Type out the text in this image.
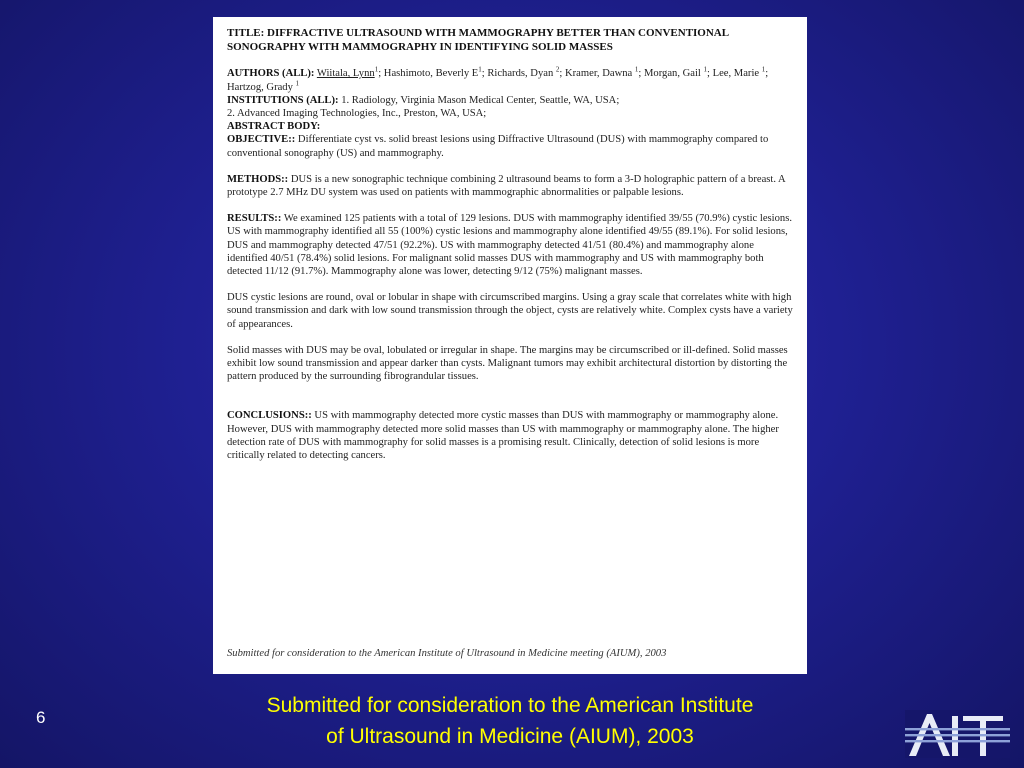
TITLE: DIFFRACTIVE ULTRASOUND WITH MAMMOGRAPHY BETTER THAN CONVENTIONAL SONOGRAPHY WITH MAMMOGRAPHY IN IDENTIFYING SOLID MASSES

AUTHORS (ALL): Wiitala, Lynn$^1$; Hashimoto, Beverly $E^1$; Richards, Dyan $^2$; Kramer, Dawna $^1$; Morgan, Gail $^1$; Lee, Marie $^1$; Hartzog, Grady $^1$

INSTITUTIONS (ALL): 1. Radiology, Virginia Mason Medical Center, Seattle, WA, USA;

2. Advanced Imaging Technologies, Inc., Preston, WA, USA;

ABSTRACT BODY:

OBJECTIVE:: Differentiate cyst vs. solid breast lesions using Diffractive Ultrasound (DUS) with mammography compared to conventional sonography (US) and mammography.

METHODS:: DUS is a new sonographic technique combining 2 ultrasound beams to form a 3-D holographic pattern of a breast. A prototype 2.7 MHz DU system was used on patients with mammographic abnormalities or palpable lesions.

RESULTS:: We examined 125 patients with a total of 129 lesions. DUS with mammography identified 39/55 (70.9%) cystic lesions. US with mammography identified all 55 (100%) cystic lesions and mammography alone identified 49/55 (89.1%). For solid lesions, DUS and mammography detected 47/51 (92.2%). US with mammography detected 41/51 (80.4%) and mammography alone identified 40/51 (78.4%) solid lesions. For malignant solid masses DUS with mammography and US with mammography both detected 11/12 (91.7%). Mammography alone was lower, detecting 9/12 (75%) malignant masses.

DUS cystic lesions are round, oval or lobular in shape with circumscribed margins. Using a gray scale that correlates white with high sound transmission and dark with low sound transmission through the object, cysts are relatively white. Complex cysts have a variety of appearances.

Solid masses with DUS may be oval, lobulated or irregular in shape. The margins may be circumscribed or ill-defined. Solid masses exhibit low sound transmission and appear darker than cysts. Malignant tumors may exhibit architectural distortion by distorting the pattern produced by the surrounding fibrograndular tissues.

CONCLUSIONS:: US with mammography detected more cystic masses than DUS with mammography or mammography alone. However, DUS with mammography detected more solid masses than US with mammography or mammography alone. The higher detection rate of DUS with mammography for solid masses is a promising result. Clinically, detection of solid lesions is more critically related to detecting cancers.

Submitted for consideration to the American Institute of Ultrasound in Medicine meeting (AIUM), 2003

Submitted for consideration to the American Institute
of Ultrasound in Medicine (AIUM), 2003
6
